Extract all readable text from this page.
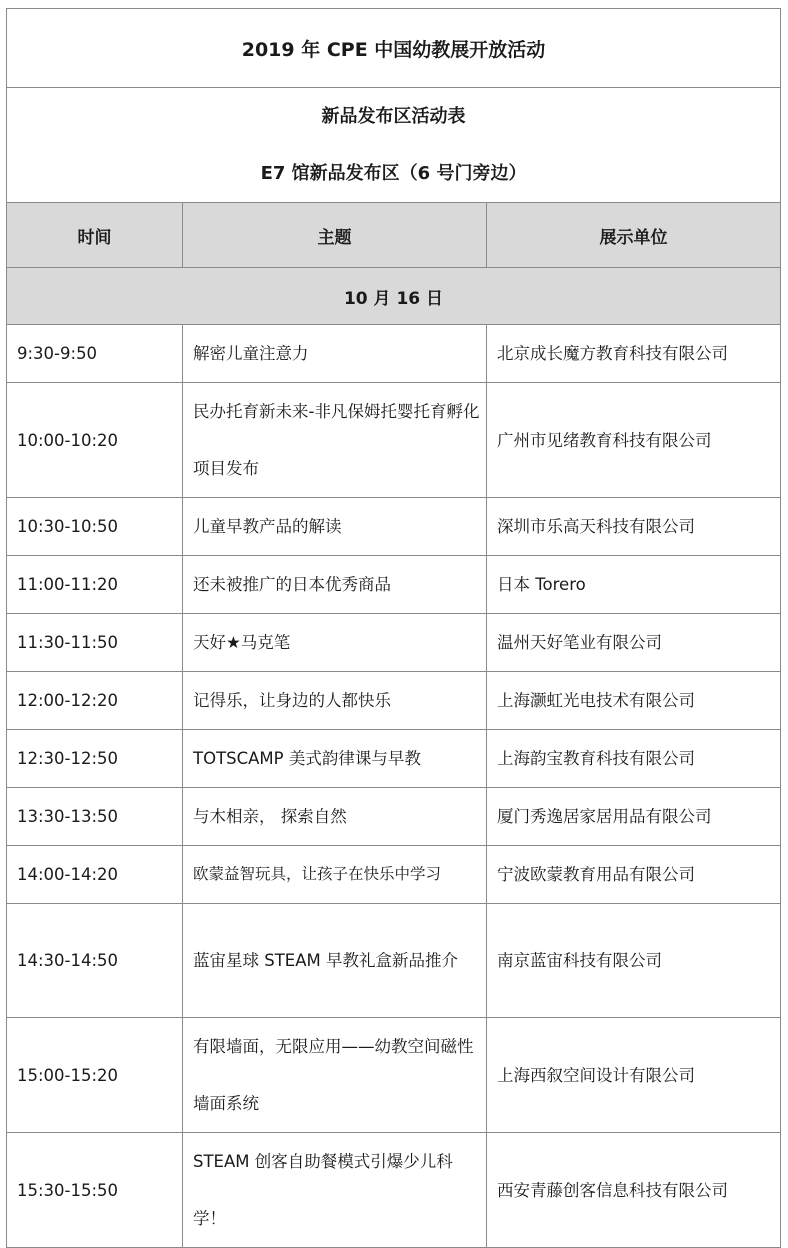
2019 年 CPE 中国幼教展开放活动		

新品发布区活动表
E7 馆新品发布区（6 号门旁边）		

时间	主题	展示单位
10 月 16 日		
9:30-9:50	解密儿童注意力	北京成长魔方教育科技有限公司
10:00-10:20	民办托育新未来-非凡保姆托婴托育孵化项目发布	广州市见绪教育科技有限公司
10:30-10:50	儿童早教产品的解读	深圳市乐高天科技有限公司
11:00-11:20	还未被推广的日本优秀商品	日本 Torero
11:30-11:50	天好★马克笔	温州天好笔业有限公司
12:00-12:20	记得乐，让身边的人都快乐	上海灏虹光电技术有限公司
12:30-12:50	TOTSCAMP 美式韵律课与早教	上海韵宝教育科技有限公司
13:30-13:50	与木相亲， 探索自然	厦门秀逸居家居用品有限公司
14:00-14:20	欧蒙益智玩具，让孩子在快乐中学习	宁波欧蒙教育用品有限公司
14:30-14:50	蓝宙星球 STEAM 早教礼盒新品推介	南京蓝宙科技有限公司
15:00-15:20	有限墙面，无限应用——幼教空间磁性墙面系统	上海西叙空间设计有限公司
15:30-15:50	STEAM 创客自助餐模式引爆少儿科学！	西安青藤创客信息科技有限公司
